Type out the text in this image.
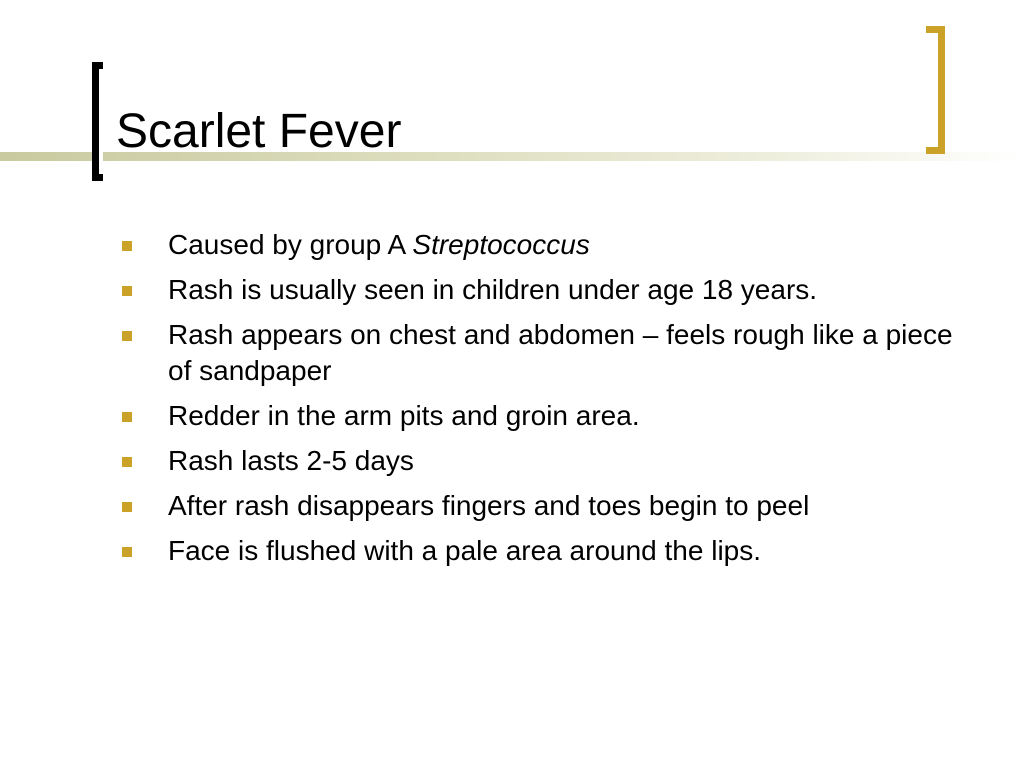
Scarlet Fever
Caused by group A Streptococcus
Rash is usually seen in children under age 18 years.
Rash appears on chest and abdomen – feels rough like a piece of sandpaper
Redder in the arm pits and groin area.
Rash lasts 2-5 days
After rash disappears fingers and toes begin to peel
Face is flushed with a pale area around the lips.
